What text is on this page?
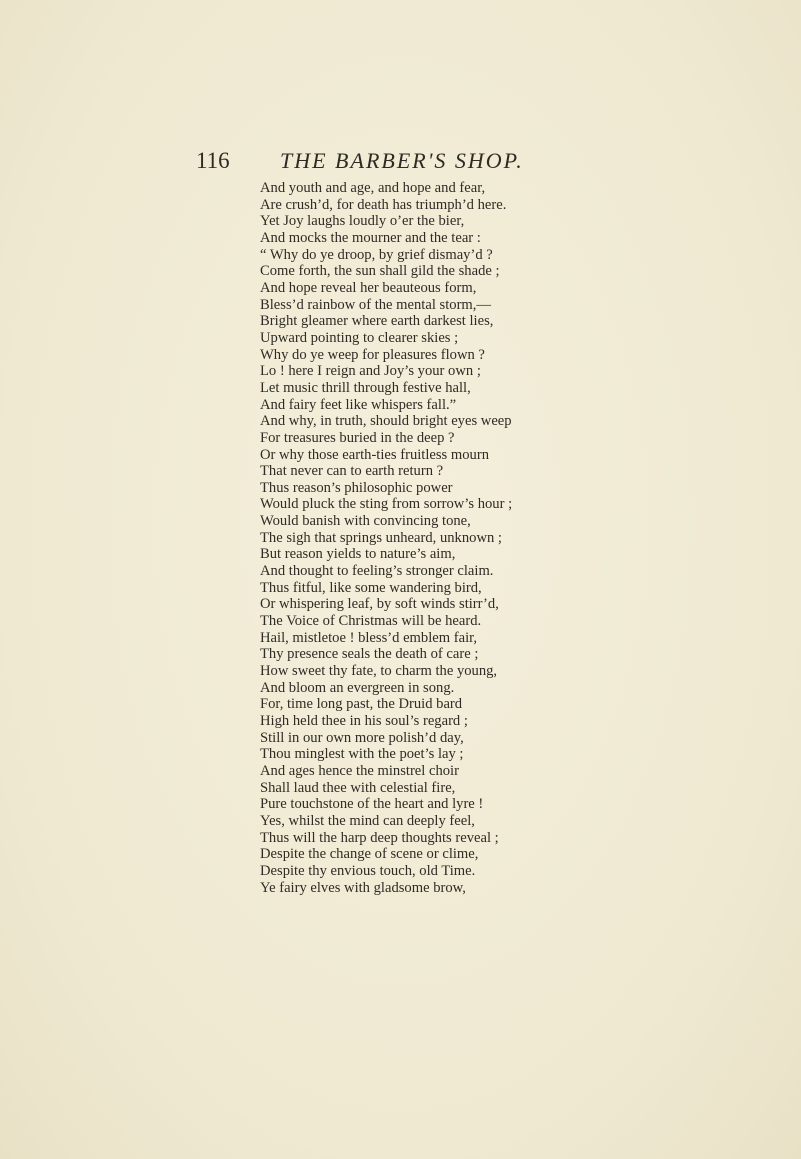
116 THE BARBER'S SHOP.
And youth and age, and hope and fear,
Are crush’d, for death has triumph’d here.
Yet Joy laughs loudly o’er the bier,
And mocks the mourner and the tear :
“ Why do ye droop, by grief dismay’d ?
Come forth, the sun shall gild the shade ;
And hope reveal her beauteous form,
Bless’d rainbow of the mental storm,—
Bright gleamer where earth darkest lies,
Upward pointing to clearer skies ;
Why do ye weep for pleasures flown ?
Lo ! here I reign and Joy’s your own ;
Let music thrill through festive hall,
And fairy feet like whispers fall.”
And why, in truth, should bright eyes weep
For treasures buried in the deep ?
Or why those earth-ties fruitless mourn
That never can to earth return ?
Thus reason’s philosophic power
Would pluck the sting from sorrow’s hour ;
Would banish with convincing tone,
The sigh that springs unheard, unknown ;
But reason yields to nature’s aim,
And thought to feeling’s stronger claim.
Thus fitful, like some wandering bird,
Or whispering leaf, by soft winds stirr’d,
The Voice of Christmas will be heard.
Hail, mistletoe ! bless’d emblem fair,
Thy presence seals the death of care ;
How sweet thy fate, to charm the young,
And bloom an evergreen in song.
For, time long past, the Druid bard
High held thee in his soul’s regard ;
Still in our own more polish’d day,
Thou minglest with the poet’s lay ;
And ages hence the minstrel choir
Shall laud thee with celestial fire,
Pure touchstone of the heart and lyre !
Yes, whilst the mind can deeply feel,
Thus will the harp deep thoughts reveal ;
Despite the change of scene or clime,
Despite thy envious touch, old Time.
Ye fairy elves with gladsome brow,
